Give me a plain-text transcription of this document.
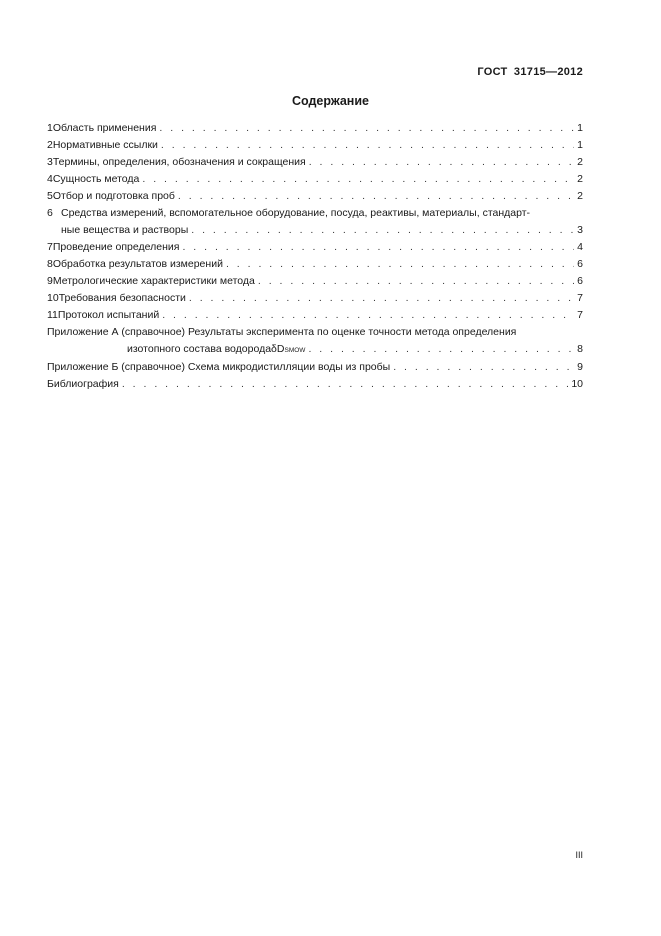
ГОСТ 31715—2012
Содержание
1 Область применения . . .	1
2 Нормативные ссылки . . .	1
3 Термины, определения, обозначения и сокращения . . .	2
4 Сущность метода . . .	2
5 Отбор и подготовка проб . . .	2
6 Средства измерений, вспомогательное оборудование, посуда, реактивы, материалы, стандарт-
ные вещества и растворы . . .	3
7 Проведение определения . . .	4
8 Обработка результатов измерений . . .	6
9 Метрологические характеристики метода . . .	6
10 Требования безопасности . . .	7
11 Протокол испытаний . . .	7
Приложение А (справочное) Результаты эксперимента по оценке точности метода определения
изотопного состава водорода δD SMOW . . .	8
Приложение Б (справочное) Схема микродистилляции воды из пробы . . .	9
Библиография . . .	10
III
